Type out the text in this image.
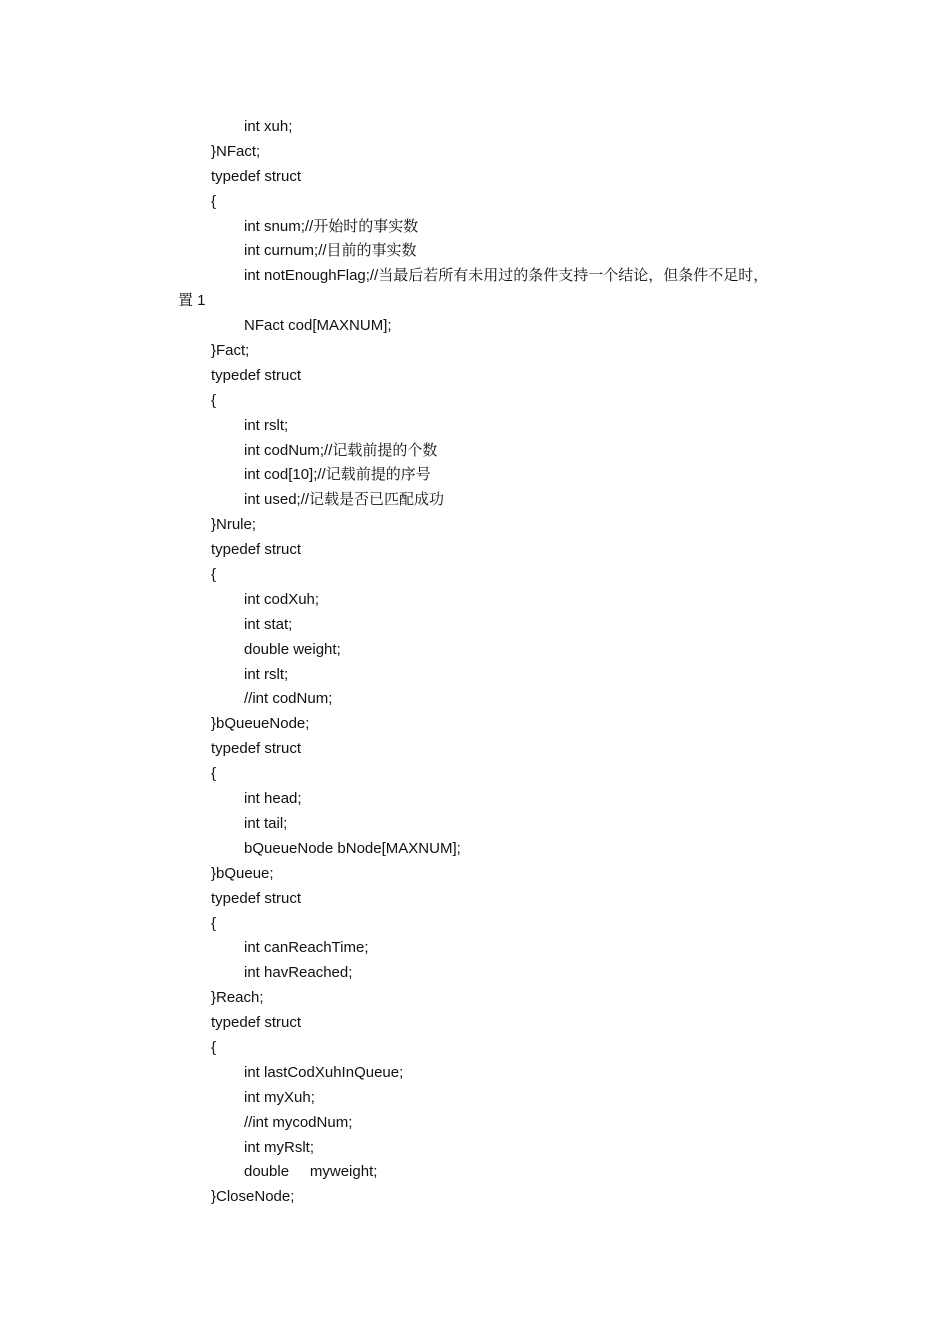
int xuh;
}NFact;
typedef struct
{
int snum;//开始时的事实数
int curnum;//目前的事实数
int notEnoughFlag;//当最后若所有未用过的条件支持一个结论，但条件不足时，
置 1
NFact cod[MAXNUM];
}Fact;
typedef struct
{
int rslt;
int codNum;//记载前提的个数
int cod[10];//记载前提的序号
int used;//记载是否已匹配成功
}Nrule;
typedef struct
{
int codXuh;
int stat;
double weight;
int rslt;
//int codNum;
}bQueueNode;
typedef struct
{
int head;
int tail;
bQueueNode bNode[MAXNUM];
}bQueue;
typedef struct
{
int canReachTime;
int havReached;
}Reach;
typedef struct
{
int lastCodXuhInQueue;
int myXuh;
//int mycodNum;
int myRslt;
double     myweight;
}CloseNode;
